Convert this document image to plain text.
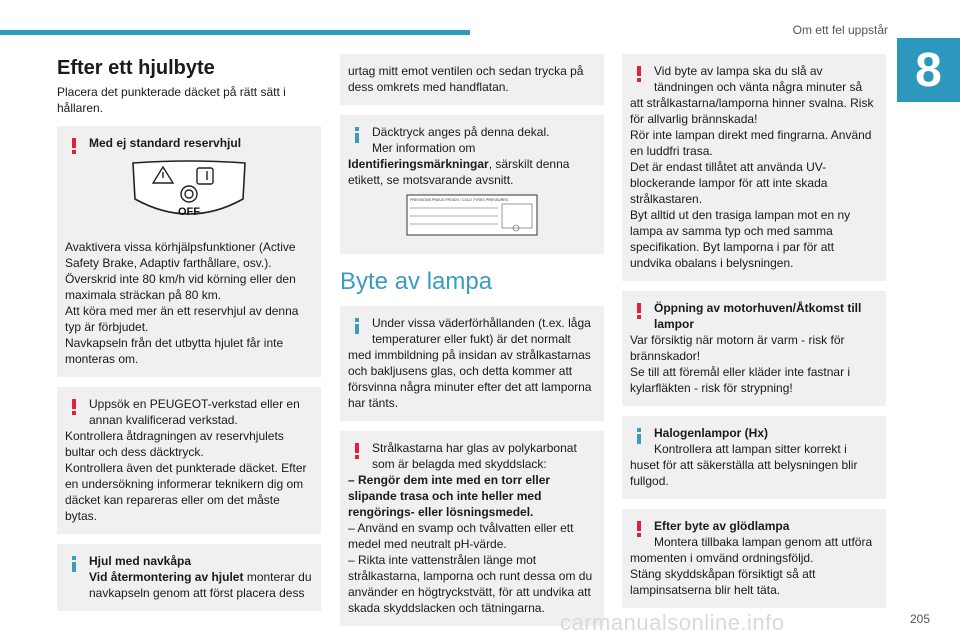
Om ett fel uppstår
8
Efter ett hjulbyte

Placera det punkterade däcket på rätt sätt i hållaren.

Med ej standard reservhjul
OFF
Avaktivera vissa körhjälpsfunktioner (Active Safety Brake, Adaptiv farthållare, osv.).
Överskrid inte 80 km/h vid körning eller den maximala sträckan på 80 km.
Att köra med mer än ett reservhjul av denna typ är förbjudet.
Navkapseln från det utbytta hjulet får inte monteras om.
Uppsök en PEUGEOT-verkstad eller en annan kvalificerad verkstad.
Kontrollera åtdragningen av reservhjulets bultar och dess däcktryck.
Kontrollera även det punkterade däcket. Efter en undersökning informerar teknikern dig om däcket kan repareras eller om det måste bytas.
Hjul med navkåpa
Vid återmontering av hjulet monterar du navkapseln genom att först placera dess
urtag mitt emot ventilen och sedan trycka på dess omkrets med handflatan.
Däcktryck anges på denna dekal.
Mer information om
Identifieringsmärkningar, särskilt denna etikett, se motsvarande avsnitt.
PRESSIONS PNEUS FROIDS / COLD TYRES PRESSURES
Byte av lampa
Under vissa väderförhållanden (t.ex. låga temperaturer eller fukt) är det normalt
med immbildning på insidan av strålkastarnas och bakljusens glas, och detta kommer att försvinna några minuter efter det att lamporna har tänts.
Strålkastarna har glas av polykarbonat som är belagda med skyddslack:
– Rengör dem inte med en torr eller slipande trasa och inte heller med rengörings- eller lösningsmedel.
– Använd en svamp och tvålvatten eller ett medel med neutralt pH-värde.
– Rikta inte vattenstrålen länge mot strålkastarna, lamporna och runt dessa om du använder en högtryckstvätt, för att undvika att skada skyddslacken och tätningarna.
Vid byte av lampa ska du slå av tändningen och vänta några minuter så
att strålkastarna/lamporna hinner svalna. Risk för allvarlig brännskada!
Rör inte lampan direkt med fingrarna. Använd en luddfri trasa.
Det är endast tillåtet att använda UV-blockerande lampor för att inte skada strålkastaren.
Byt alltid ut den trasiga lampan mot en ny lampa av samma typ och med samma specifikation. Byt lamporna i par för att undvika obalans i belysningen.
Öppning av motorhuven/Åtkomst till lampor
Var försiktig när motorn är varm - risk för brännskador!
Se till att föremål eller kläder inte fastnar i kylarfläkten - risk för strypning!
Halogenlampor (Hx)
Kontrollera att lampan sitter korrekt i
huset för att säkerställa att belysningen blir fullgod.
Efter byte av glödlampa
Montera tillbaka lampan genom att utföra
momenten i omvänd ordningsföljd.
Stäng skyddskåpan försiktigt så att lampinsatserna blir helt täta.
carmanualsonline.info	205
